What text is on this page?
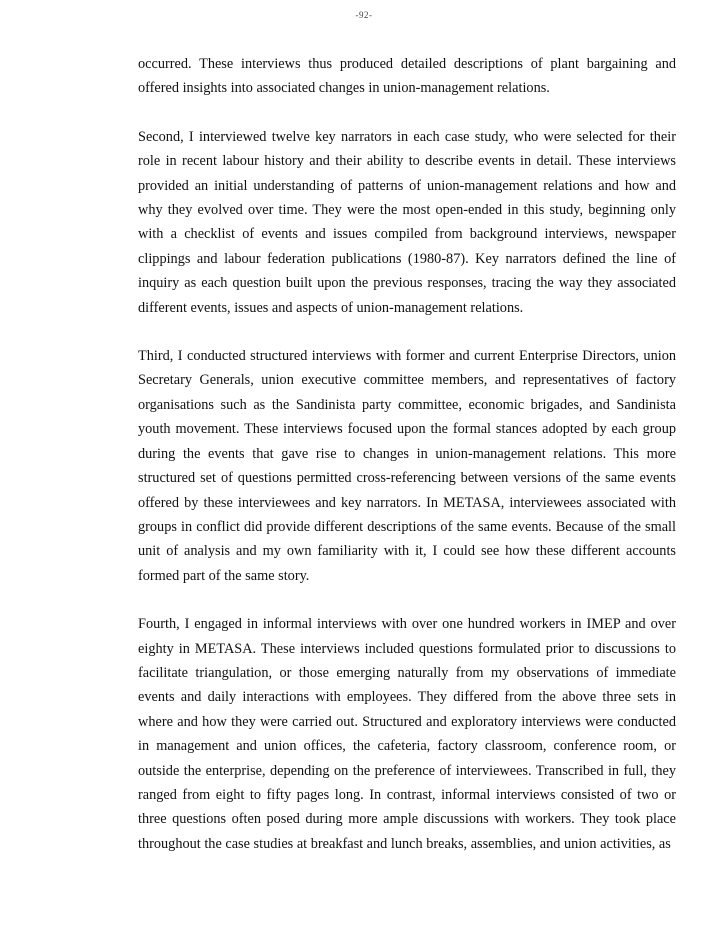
-92-

occurred. These interviews thus produced detailed descriptions of plant bargaining and offered insights into associated changes in union-management relations.

Second, I interviewed twelve key narrators in each case study, who were selected for their role in recent labour history and their ability to describe events in detail. These interviews provided an initial understanding of patterns of union-management relations and how and why they evolved over time. They were the most open-ended in this study, beginning only with a checklist of events and issues compiled from background interviews, newspaper clippings and labour federation publications (1980-87). Key narrators defined the line of inquiry as each question built upon the previous responses, tracing the way they associated different events, issues and aspects of union-management relations.

Third, I conducted structured interviews with former and current Enterprise Directors, union Secretary Generals, union executive committee members, and representatives of factory organisations such as the Sandinista party committee, economic brigades, and Sandinista youth movement. These interviews focused upon the formal stances adopted by each group during the events that gave rise to changes in union-management relations. This more structured set of questions permitted cross-referencing between versions of the same events offered by these interviewees and key narrators. In METASA, interviewees associated with groups in conflict did provide different descriptions of the same events. Because of the small unit of analysis and my own familiarity with it, I could see how these different accounts formed part of the same story.

Fourth, I engaged in informal interviews with over one hundred workers in IMEP and over eighty in METASA. These interviews included questions formulated prior to discussions to facilitate triangulation, or those emerging naturally from my observations of immediate events and daily interactions with employees. They differed from the above three sets in where and how they were carried out. Structured and exploratory interviews were conducted in management and union offices, the cafeteria, factory classroom, conference room, or outside the enterprise, depending on the preference of interviewees. Transcribed in full, they ranged from eight to fifty pages long. In contrast, informal interviews consisted of two or three questions often posed during more ample discussions with workers. They took place throughout the case studies at breakfast and lunch breaks, assemblies, and union activities, as
